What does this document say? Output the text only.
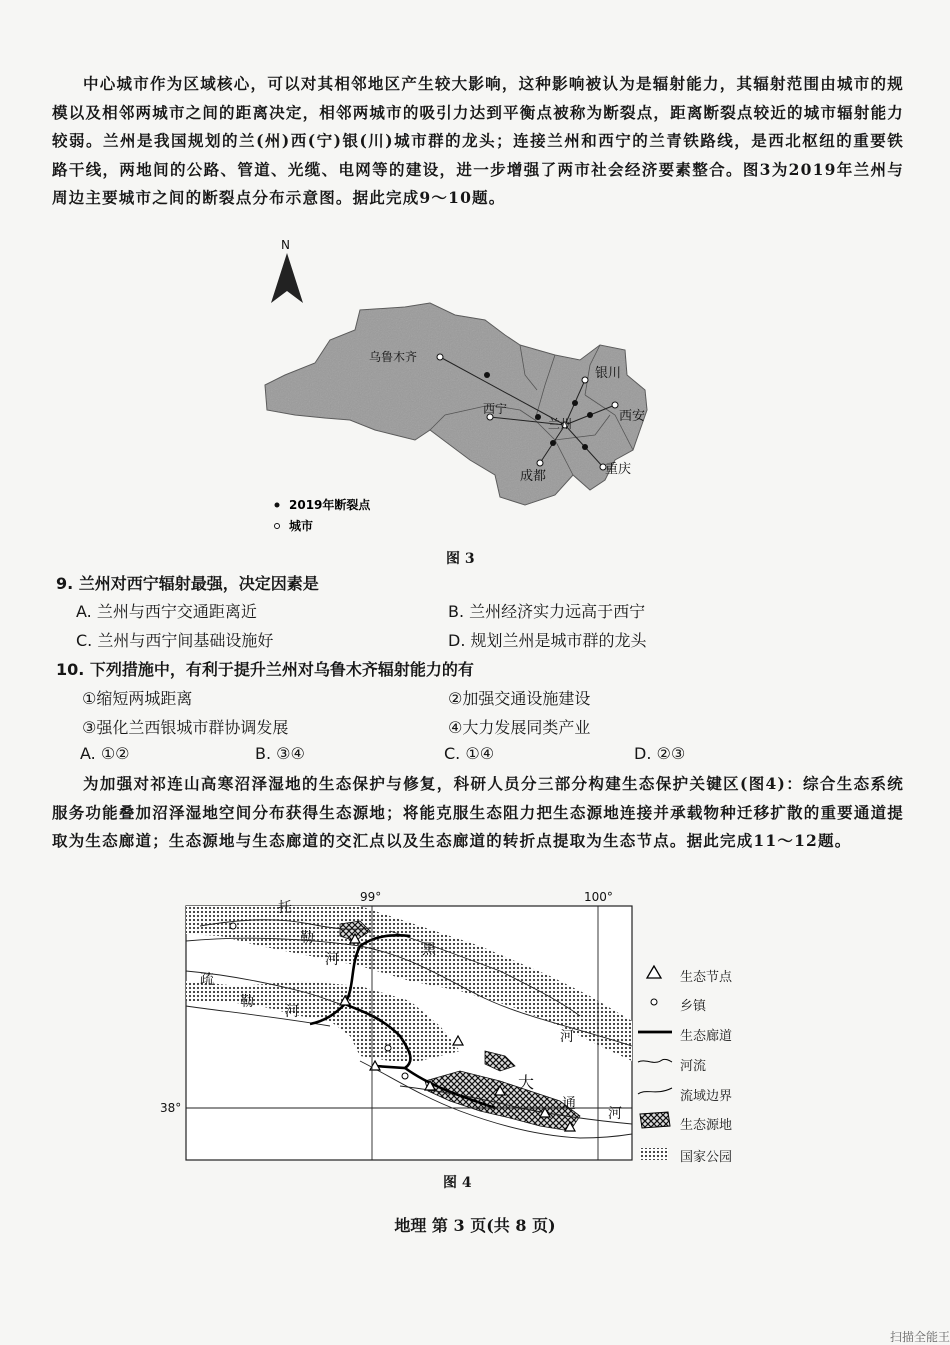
中心城市作为区域核心，可以对其相邻地区产生较大影响，这种影响被认为是辐射能力，其辐射范围由城市的规模以及相邻两城市之间的距离决定，相邻两城市的吸引力达到平衡点被称为断裂点，距离断裂点较近的城市辐射能力较弱。兰州是我国规划的兰(州)西(宁)银(川)城市群的龙头；连接兰州和西宁的兰青铁路线，是西北枢纽的重要铁路干线，两地间的公路、管道、光缆、电网等的建设，进一步增强了两市社会经济要素整合。图3为2019年兰州与周边主要城市之间的断裂点分布示意图。据此完成9～10题。

N
乌鲁木齐
银川
西宁
兰州	西安
成都	重庆
2019年断裂点
城市
图 3

9. 兰州对西宁辐射最强，决定因素是

A. 兰州与西宁交通距离近	B. 兰州经济实力远高于西宁
C. 兰州与西宁间基础设施好	D. 规划兰州是城市群的龙头

10. 下列措施中，有利于提升兰州对乌鲁木齐辐射能力的有

①缩短两城距离	②加强交通设施建设
③强化兰西银城市群协调发展	④大力发展同类产业
A. ①②	B. ③④	C. ①④	D. ②③

为加强对祁连山高寒沼泽湿地的生态保护与修复，科研人员分三部分构建生态保护关键区(图4)：综合生态系统服务功能叠加沼泽湿地空间分布获得生态源地；将能克服生态阻力把生态源地连接并承载物种迁移扩散的重要通道提取为生态廊道；生态源地与生态廊道的交汇点以及生态廊道的转折点提取为生态节点。据此完成11～12题。

99°	100°
38°
托
勒
河
疏
勒
河
黑
河
大
通
河
生态节点
乡镇
生态廊道
河流
流域边界
生态源地
国家公园
图 4
地理 第 3 页(共 8 页)
扫描全能王
